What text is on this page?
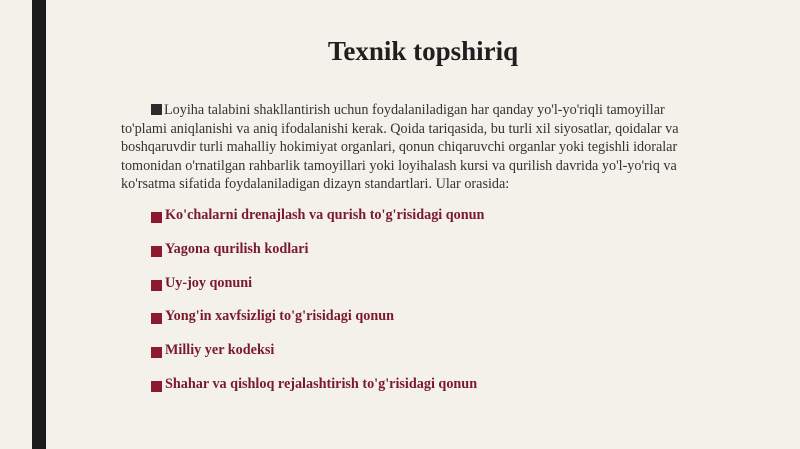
Texnik topshiriq
Loyiha talabini shakllantirish uchun foydalaniladigan har qanday yo'l-yo'riqli tamoyillar to'plami aniqlanishi va aniq ifodalanishi kerak. Qoida tariqasida, bu turli xil siyosatlar, qoidalar va boshqaruvdir turli mahalliy hokimiyat organlari, qonun chiqaruvchi organlar yoki tegishli idoralar tomonidan o'rnatilgan rahbarlik tamoyillari yoki loyihalash kursi va qurilish davrida yo'l-yo'riq va ko'rsatma sifatida foydalaniladigan dizayn standartlari. Ular orasida:
Ko'chalarni drenajlash va qurish to'g'risidagi qonun
Yagona qurilish kodlari
Uy-joy qonuni
Yong'in xavfsizligi to'g'risidagi qonun
Milliy yer kodeksi
Shahar va qishloq rejalashtirish to'g'risidagi qonun
